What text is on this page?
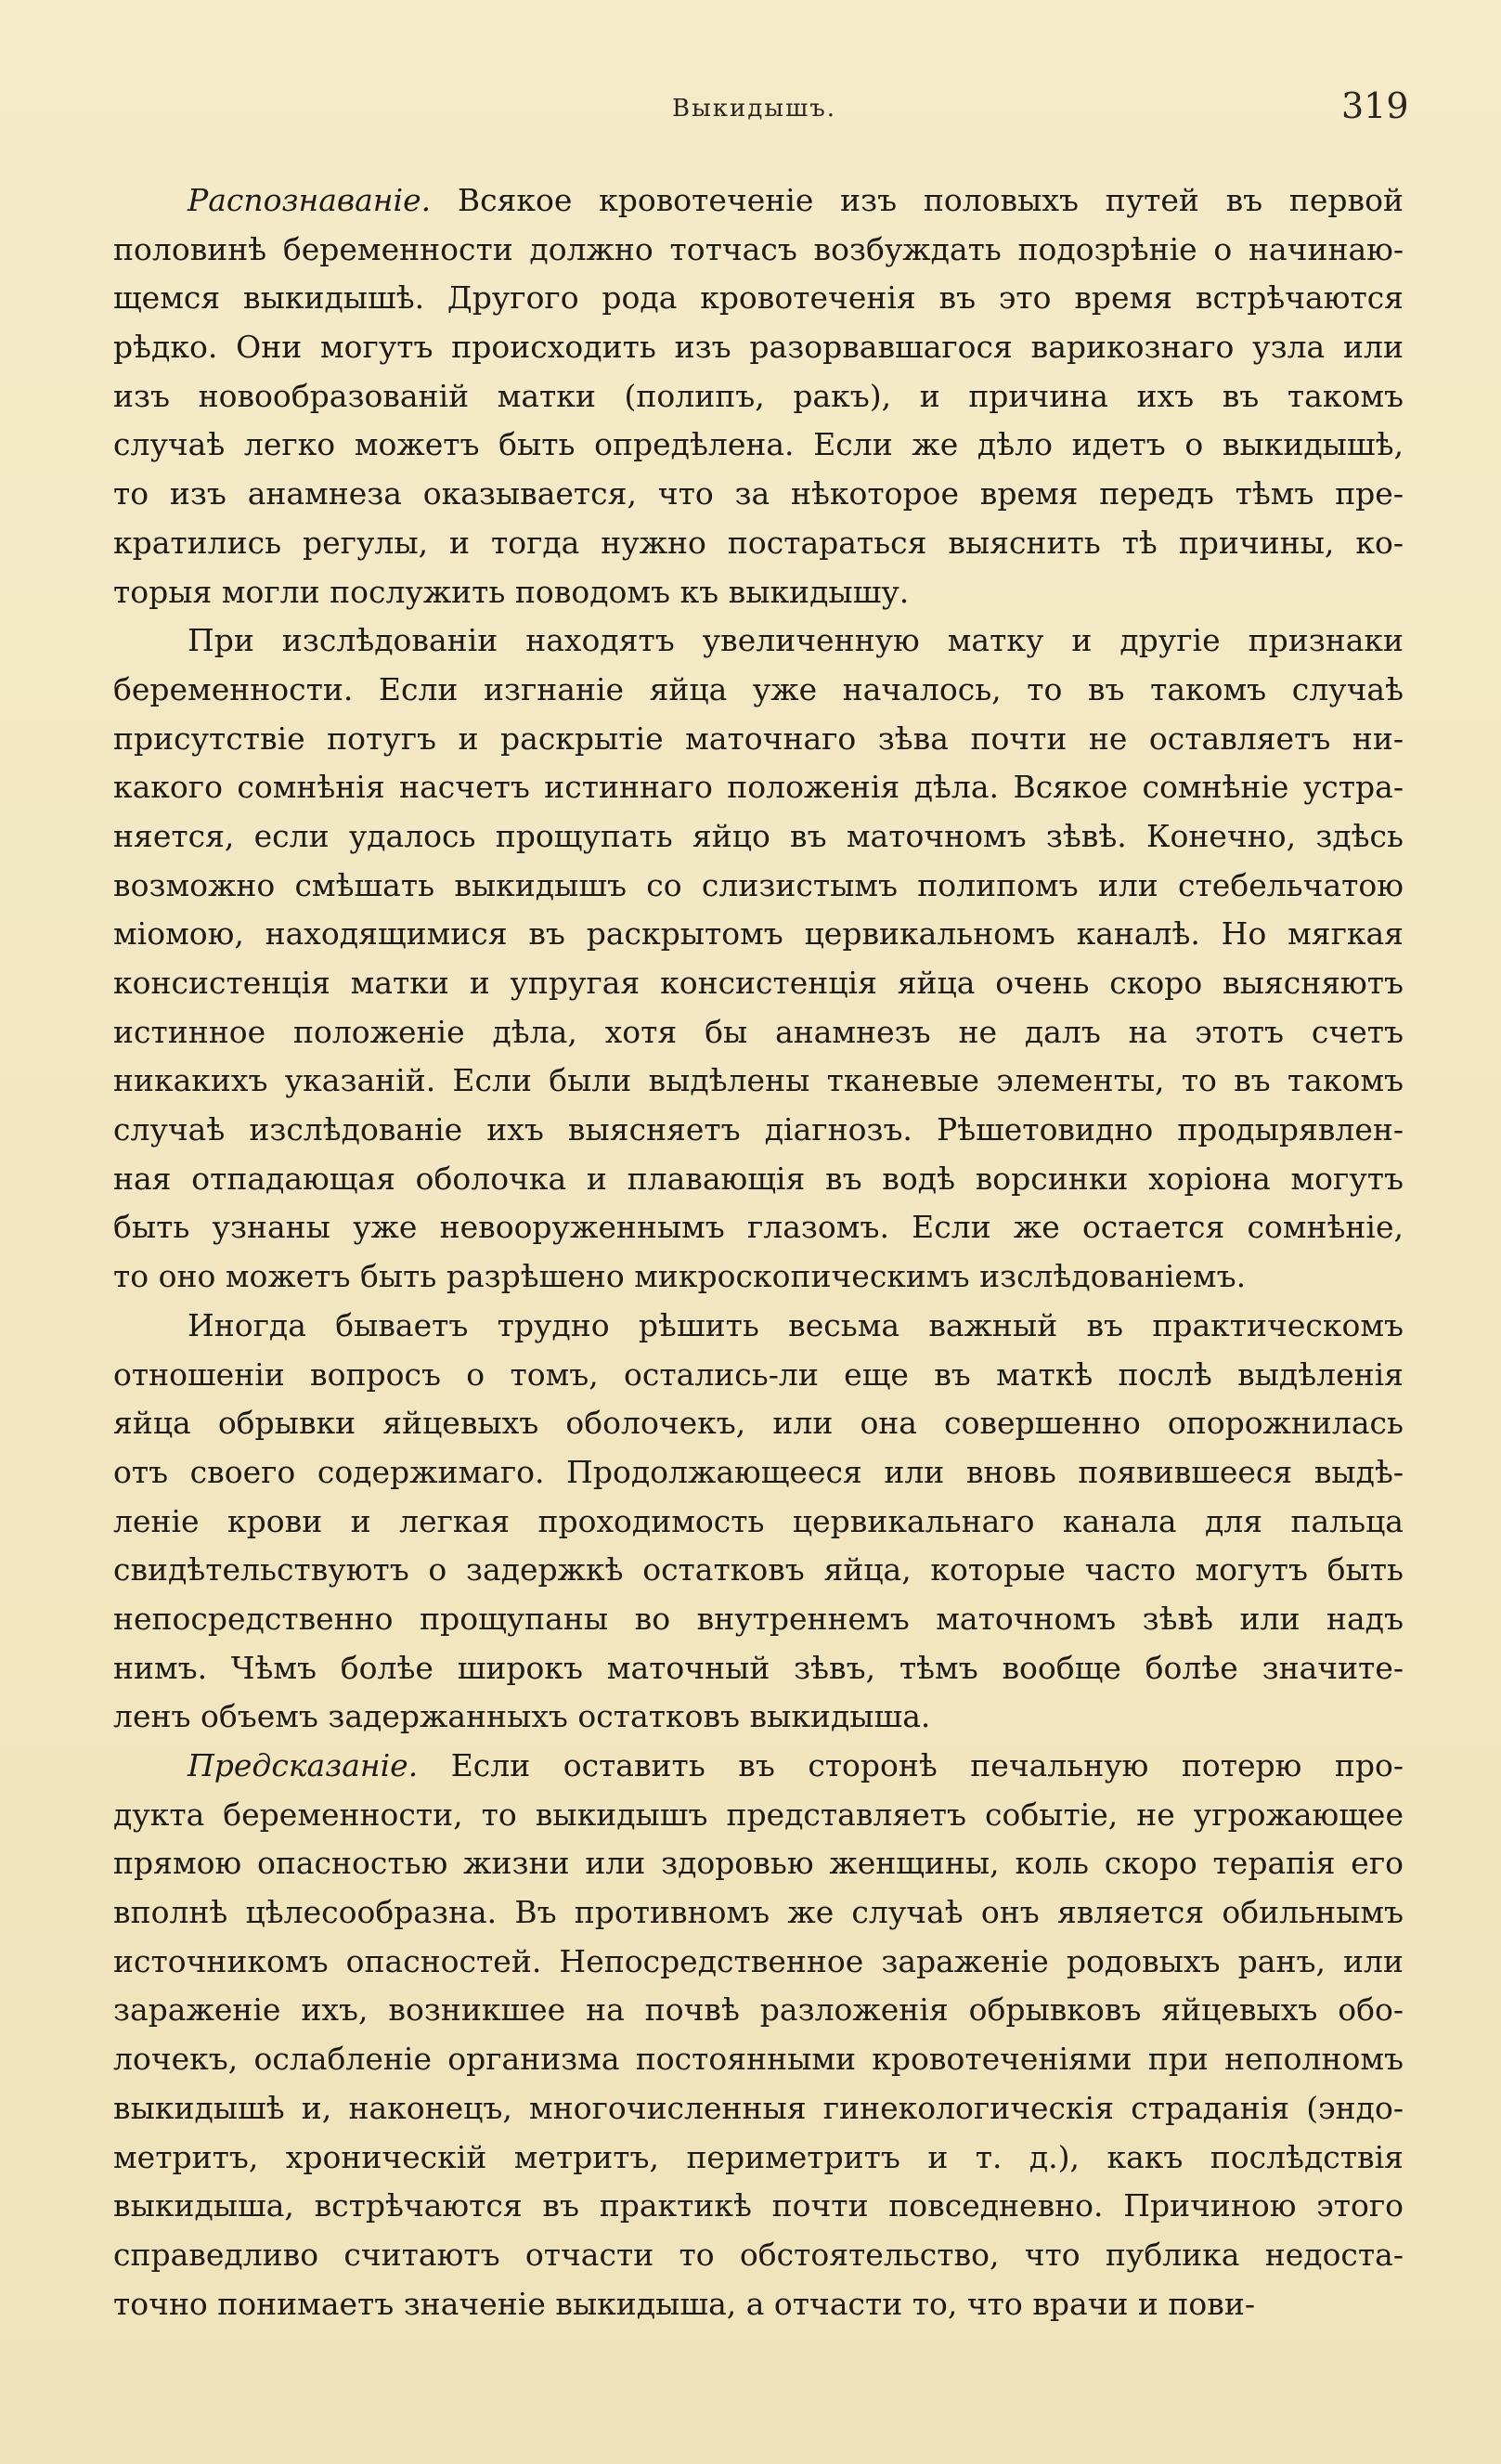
Выкидышъ.	319
Распознаваніе. Всякое кровотеченіе изъ половыхъ путей въ первой
половинѣ беременности должно тотчасъ возбуждать подозрѣніе о начинаю-
щемся выкидышѣ. Другого рода кровотеченія въ это время встрѣчаются
рѣдко. Они могутъ происходить изъ разорвавшагося варикознаго узла или
изъ новообразованій матки (полипъ, ракъ), и причина ихъ въ такомъ
случаѣ легко можетъ быть опредѣлена. Если же дѣло идетъ о выкидышѣ,
то изъ анамнеза оказывается, что за нѣкоторое время передъ тѣмъ пре-
кратились регулы, и тогда нужно постараться выяснить тѣ причины, ко-
торыя могли послужить поводомъ къ выкидышу.
При изслѣдованіи находятъ увеличенную матку и другіе признаки
беременности. Если изгнаніе яйца уже началось, то въ такомъ случаѣ
присутствіе потугъ и раскрытіе маточнаго зѣва почти не оставляетъ ни-
какого сомнѣнія насчетъ истиннаго положенія дѣла. Всякое сомнѣніе устра-
няется, если удалось прощупать яйцо въ маточномъ зѣвѣ. Конечно, здѣсь
возможно смѣшать выкидышъ со слизистымъ полипомъ или стебельчатою
міомою, находящимися въ раскрытомъ цервикальномъ каналѣ. Но мягкая
консистенція матки и упругая консистенція яйца очень скоро выясняютъ
истинное положеніе дѣла, хотя бы анамнезъ не далъ на этотъ счетъ
никакихъ указаній. Если были выдѣлены тканевые элементы, то въ такомъ
случаѣ изслѣдованіе ихъ выясняетъ діагнозъ. Рѣшетовидно продырявлен-
ная отпадающая оболочка и плавающія въ водѣ ворсинки хоріона могутъ
быть узнаны уже невооруженнымъ глазомъ. Если же остается сомнѣніе,
то оно можетъ быть разрѣшено микроскопическимъ изслѣдованіемъ.
Иногда бываетъ трудно рѣшить весьма важный въ практическомъ
отношеніи вопросъ о томъ, остались-ли еще въ маткѣ послѣ выдѣленія
яйца обрывки яйцевыхъ оболочекъ, или она совершенно опорожнилась
отъ своего содержимаго. Продолжающееся или вновь появившееся выдѣ-
леніе крови и легкая проходимость цервикальнаго канала для пальца
свидѣтельствуютъ о задержкѣ остатковъ яйца, которые часто могутъ быть
непосредственно прощупаны во внутреннемъ маточномъ зѣвѣ или надъ
нимъ. Чѣмъ болѣе широкъ маточный зѣвъ, тѣмъ вообще болѣе значите-
ленъ объемъ задержанныхъ остатковъ выкидыша.
Предсказаніе. Если оставить въ сторонѣ печальную потерю про-
дукта беременности, то выкидышъ представляетъ событіе, не угрожающее
прямою опасностью жизни или здоровью женщины, коль скоро терапія его
вполнѣ цѣлесообразна. Въ противномъ же случаѣ онъ является обильнымъ
источникомъ опасностей. Непосредственное зараженіе родовыхъ ранъ, или
зараженіе ихъ, возникшее на почвѣ разложенія обрывковъ яйцевыхъ обо-
лочекъ, ослабленіе организма постоянными кровотеченіями при неполномъ
выкидышѣ и, наконецъ, многочисленныя гинекологическія страданія (эндо-
метритъ, хроническій метритъ, периметритъ и т. д.), какъ послѣдствія
выкидыша, встрѣчаются въ практикѣ почти повседневно. Причиною этого
справедливо считаютъ отчасти то обстоятельство, что публика недоста-
точно понимаетъ значеніе выкидыша, а отчасти то, что врачи и пови-
